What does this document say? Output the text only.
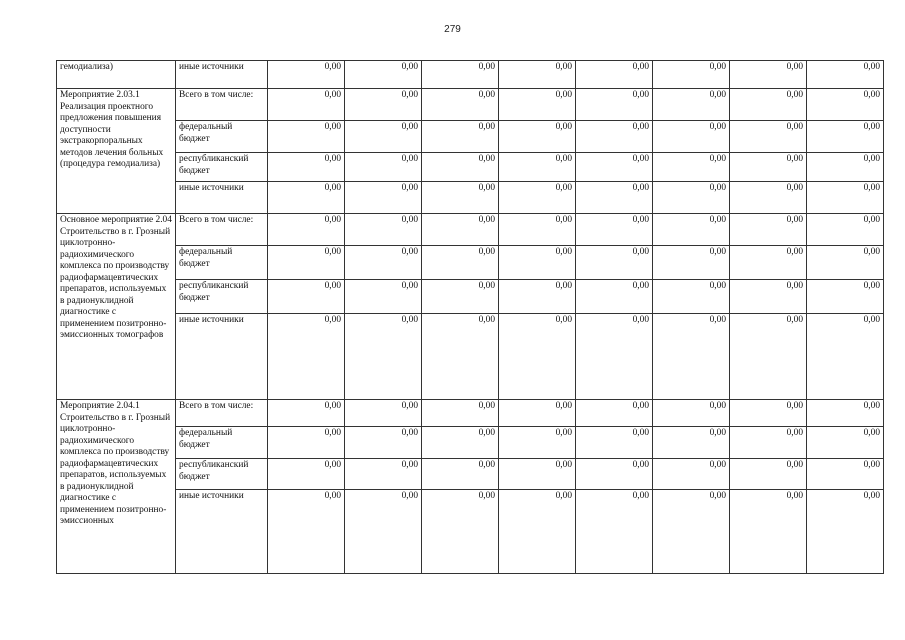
279
гемодиализа)	иные источники	0,00	0,00	0,00	0,00	0,00	0,00	0,00	0,00
Мероприятие 2.03.1 Реализация проектного предложения повышения доступности экстракорпоральных методов лечения больных (процедура гемодиализа)	Всего в том числе:	0,00	0,00	0,00	0,00	0,00	0,00	0,00	0,00
	федеральный бюджет	0,00	0,00	0,00	0,00	0,00	0,00	0,00	0,00
	республиканский бюджет	0,00	0,00	0,00	0,00	0,00	0,00	0,00	0,00
	иные источники	0,00	0,00	0,00	0,00	0,00	0,00	0,00	0,00
Основное мероприятие 2.04 Строительство в г. Грозный циклотронно-радиохимического комплекса по производству радиофармацевтических препаратов, используемых в радионуклидной диагностике с применением позитронно-эмиссионных томографов	Всего в том числе:	0,00	0,00	0,00	0,00	0,00	0,00	0,00	0,00
	федеральный бюджет	0,00	0,00	0,00	0,00	0,00	0,00	0,00	0,00
	республиканский бюджет	0,00	0,00	0,00	0,00	0,00	0,00	0,00	0,00
	иные источники	0,00	0,00	0,00	0,00	0,00	0,00	0,00	0,00
Мероприятие 2.04.1 Строительство в г. Грозный циклотронно-радиохимического комплекса по производству радиофармацевтических препаратов, используемых в радионуклидной диагностике с применением позитронно-эмиссионных	Всего в том числе:	0,00	0,00	0,00	0,00	0,00	0,00	0,00	0,00
	федеральный бюджет	0,00	0,00	0,00	0,00	0,00	0,00	0,00	0,00
	республиканский бюджет	0,00	0,00	0,00	0,00	0,00	0,00	0,00	0,00
	иные источники	0,00	0,00	0,00	0,00	0,00	0,00	0,00	0,00
